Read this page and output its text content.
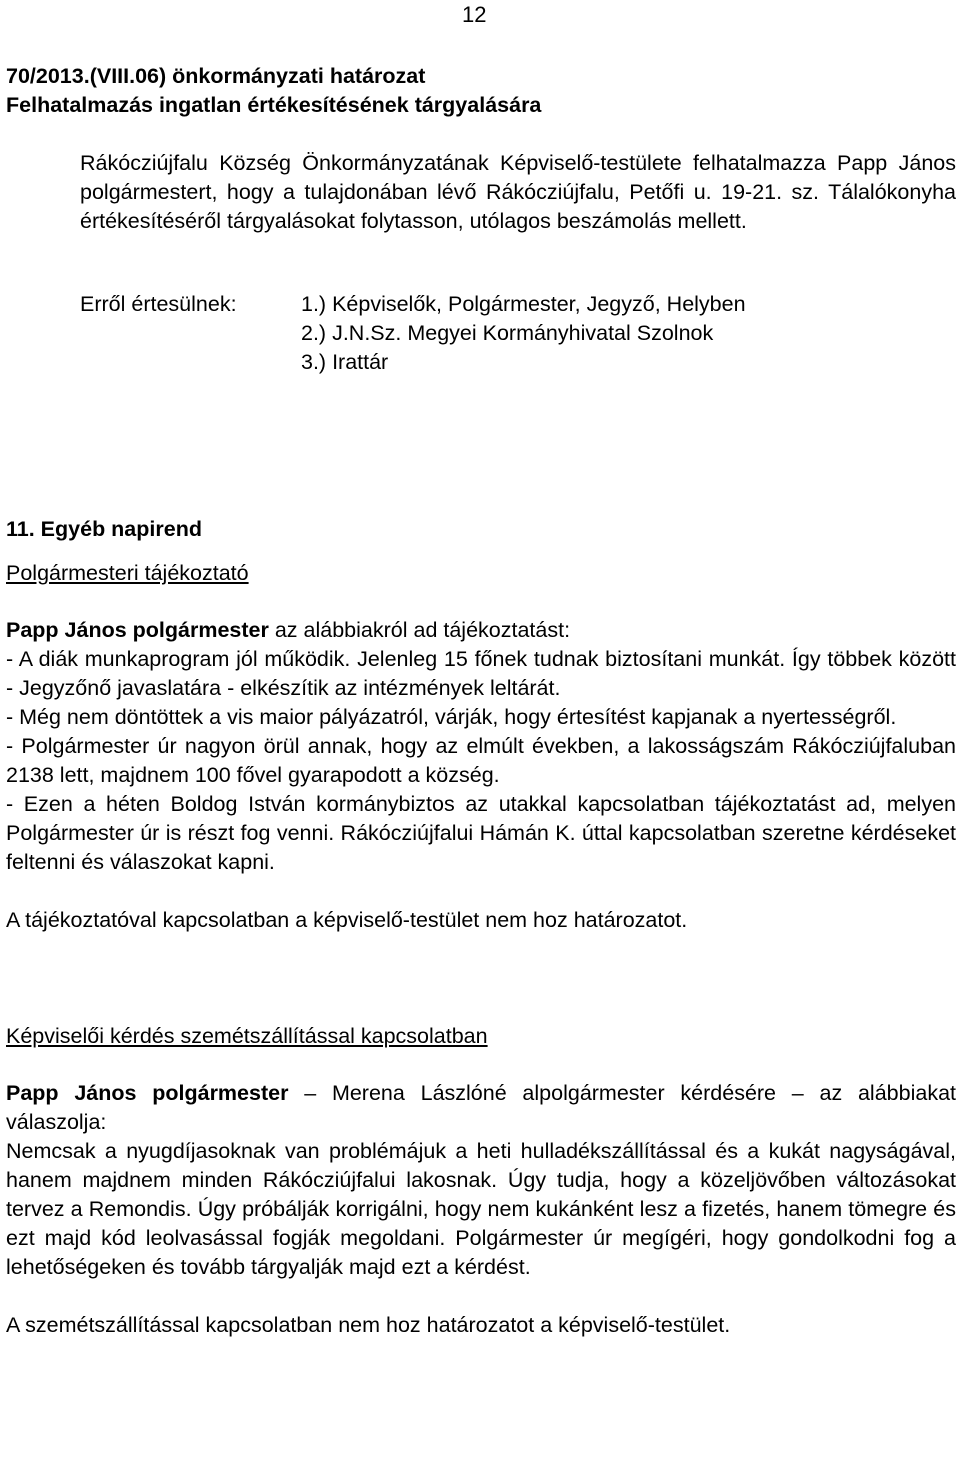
12

70/2013.(VIII.06) önkormányzati határozat

Felhatalmazás ingatlan értékesítésének tárgyalására

Rákócziújfalu Község Önkormányzatának Képviselő-testülete felhatalmazza Papp János polgármestert, hogy a tulajdonában lévő Rákócziújfalu, Petőfi u. 19-21. sz. Tálalókonyha értékesítéséről tárgyalásokat folytasson, utólagos beszámolás mellett.

Erről értesülnek:	1.) Képviselők, Polgármester, Jegyző, Helyben
2.) J.N.Sz. Megyei Kormányhivatal Szolnok
3.) Irattár

11. Egyéb napirend

Polgármesteri tájékoztató

Papp János polgármester az alábbiakról ad tájékoztatást:

- A diák munkaprogram jól működik. Jelenleg 15 főnek tudnak biztosítani munkát. Így többek között - Jegyzőnő javaslatára - elkészítik az intézmények leltárát.

- Még nem döntöttek a vis maior pályázatról, várják, hogy értesítést kapjanak a nyertességről.

- Polgármester úr nagyon örül annak, hogy az elmúlt években, a lakosságszám Rákócziújfaluban 2138 lett, majdnem 100 fővel gyarapodott a község.

- Ezen a héten Boldog István kormánybiztos az utakkal kapcsolatban tájékoztatást ad, melyen Polgármester úr is részt fog venni. Rákócziújfalui Hámán K. úttal kapcsolatban szeretne kérdéseket feltenni és válaszokat kapni.

A tájékoztatóval kapcsolatban a képviselő-testület nem hoz határozatot.

Képviselői kérdés szemétszállítással kapcsolatban

Papp János polgármester – Merena Lászlóné alpolgármester kérdésére – az alábbiakat válaszolja:

Nemcsak a nyugdíjasoknak van problémájuk a heti hulladékszállítással és a kukát nagyságával, hanem majdnem minden Rákócziújfalui lakosnak. Úgy tudja, hogy a közeljövőben változásokat tervez a Remondis. Úgy próbálják korrigálni, hogy nem kukánként lesz a fizetés, hanem tömegre és ezt majd kód leolvasással fogják megoldani. Polgármester úr megígéri, hogy gondolkodni fog a lehetőségeken és tovább tárgyalják majd ezt a kérdést.

A szemétszállítással kapcsolatban nem hoz határozatot a képviselő-testület.
